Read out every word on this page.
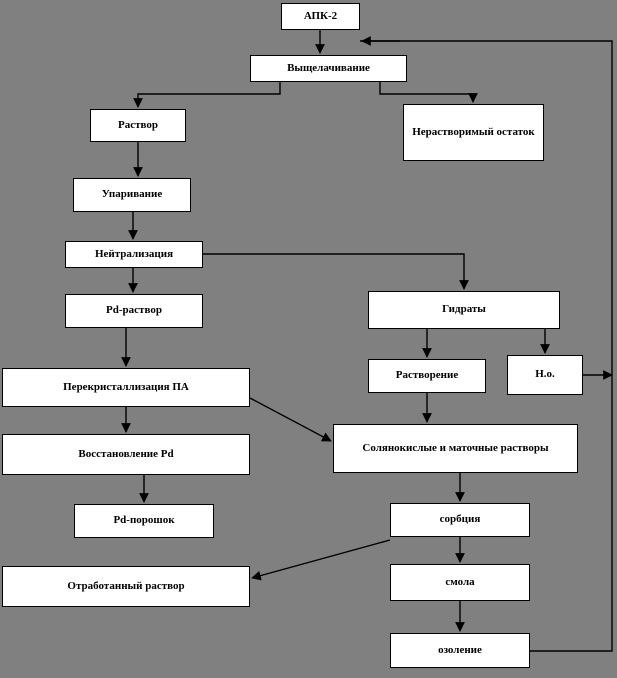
АПК-2
Выщелачивание
Раствор
Нерастворимый остаток
Упаривание
Нейтрализация
Pd-раствор	Гидраты
Растворение	Н.о.
Перекристаллизация ПА
Солянокислые и маточные растворы
Восстановление Pd
сорбция
Pd-порошок
смола
Отработанный раствор
озоление
